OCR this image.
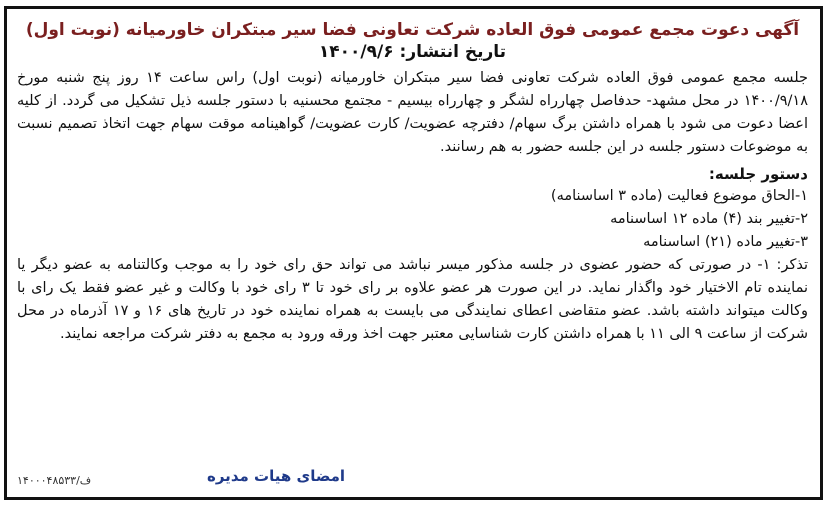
آگهی دعوت مجمع عمومی فوق العاده شرکت تعاونی فضا سیر مبتکران خاورمیانه (نوبت اول)

تاریخ انتشار: ۱۴۰۰/۹/۶

جلسه مجمع عمومی فوق العاده شرکت تعاونی فضا سیر مبتکران خاورمیانه (نوبت اول) راس ساعت ۱۴ روز پنج شنبه مورخ ۱۴۰۰/۹/۱۸ در محل مشهد- حدفاصل چهارراه لشگر و چهارراه بیسیم - مجتمع محسنیه با دستور جلسه ذیل تشکیل می گردد. از کلیه اعضا دعوت می شود با همراه داشتن برگ سهام/ دفترچه عضویت/ کارت عضویت/ گواهینامه موقت سهام جهت اتخاذ تصمیم نسبت به موضوعات دستور جلسه در این جلسه حضور به هم رسانند.

دستور جلسه:

۱-الحاق موضوع فعالیت (ماده ۳ اساسنامه)

۲-تغییر بند (۴) ماده ۱۲ اساسنامه

۳-تغییر ماده (۲۱) اساسنامه

تذکر: ۱- در صورتی که حضور عضوی در جلسه مذکور میسر نباشد می تواند حق رای خود را به موجب وکالتنامه به عضو دیگر یا نماینده تام الاختیار خود واگذار نماید. در این صورت هر عضو علاوه بر رای خود تا ۳ رای خود با وکالت و غیر عضو فقط یک رای با وکالت میتواند داشته باشد. عضو متقاضی اعطای نمایندگی می بایست به همراه نماینده خود در تاریخ های ۱۶ و ۱۷ آذرماه در محل شرکت از ساعت ۹ الی ۱۱ با همراه داشتن کارت شناسایی معتبر جهت اخذ ورقه ورود به مجمع به دفتر شرکت مراجعه نمایند.

امضای هیات مدیره
۱۴۰۰۰۴۸۵۳۳/ف
